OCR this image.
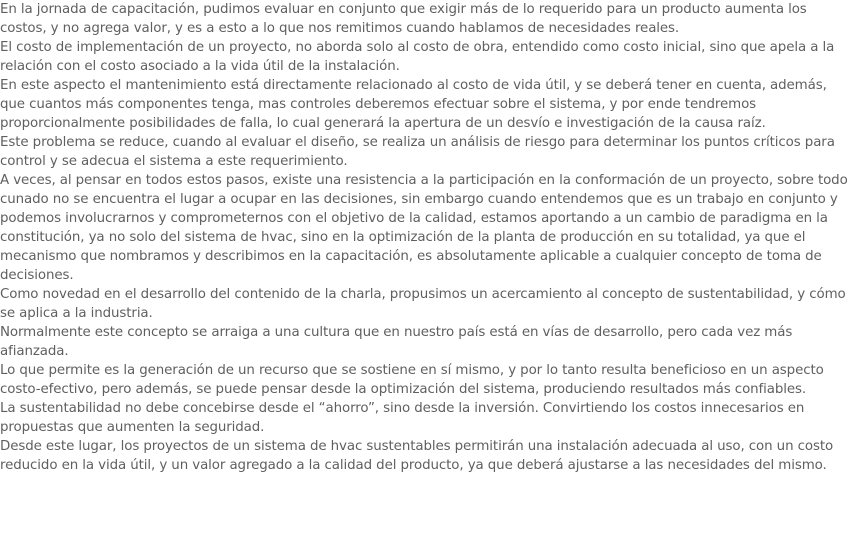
En la jornada de capacitación, pudimos evaluar en conjunto que exigir más de lo requerido para un producto aumenta los costos, y no agrega valor, y es a esto a lo que nos remitimos cuando hablamos de necesidades reales.

El costo de implementación de un proyecto, no aborda solo al costo de obra, entendido como costo inicial, sino que apela a la relación con el costo asociado a la vida útil de la instalación.

En este aspecto el mantenimiento está directamente relacionado al costo de vida útil, y se deberá tener en cuenta, además, que cuantos más componentes tenga, mas controles deberemos efectuar sobre el sistema, y por ende tendremos proporcionalmente posibilidades de falla, lo cual generará la apertura de un desvío e investigación de la causa raíz.

Este problema se reduce, cuando al evaluar el diseño, se realiza un análisis de riesgo para determinar los puntos críticos para control y se adecua el sistema a este requerimiento.

A veces, al pensar en todos estos pasos, existe una resistencia a la participación en la conformación de un proyecto, sobre todo cunado no se encuentra el lugar a ocupar en las decisiones, sin embargo cuando entendemos que es un trabajo en conjunto y podemos involucrarnos y comprometernos con el objetivo de la calidad, estamos aportando a un cambio de paradigma en la constitución, ya no solo del sistema de hvac, sino en la optimización de la planta de producción en su totalidad, ya que el mecanismo que nombramos y describimos en la capacitación, es absolutamente aplicable a cualquier concepto de toma de decisiones.

Como novedad en el desarrollo del contenido de la charla, propusimos un acercamiento al concepto de sustentabilidad, y cómo se aplica a la industria.

Normalmente este concepto se arraiga a una cultura que en nuestro país está en vías de desarrollo, pero cada vez más afianzada.

Lo que permite es la generación de un recurso que se sostiene en sí mismo, y por lo tanto resulta beneficioso en un aspecto costo-efectivo, pero además, se puede pensar desde la optimización del sistema, produciendo resultados más confiables.

La sustentabilidad no debe concebirse desde el “ahorro”, sino desde la inversión. Convirtiendo los costos innecesarios en propuestas que aumenten la seguridad.

Desde este lugar, los proyectos de un sistema de hvac sustentables permitirán una instalación adecuada al uso, con un costo reducido en la vida útil, y un valor agregado a la calidad del producto, ya que deberá ajustarse a las necesidades del mismo.
